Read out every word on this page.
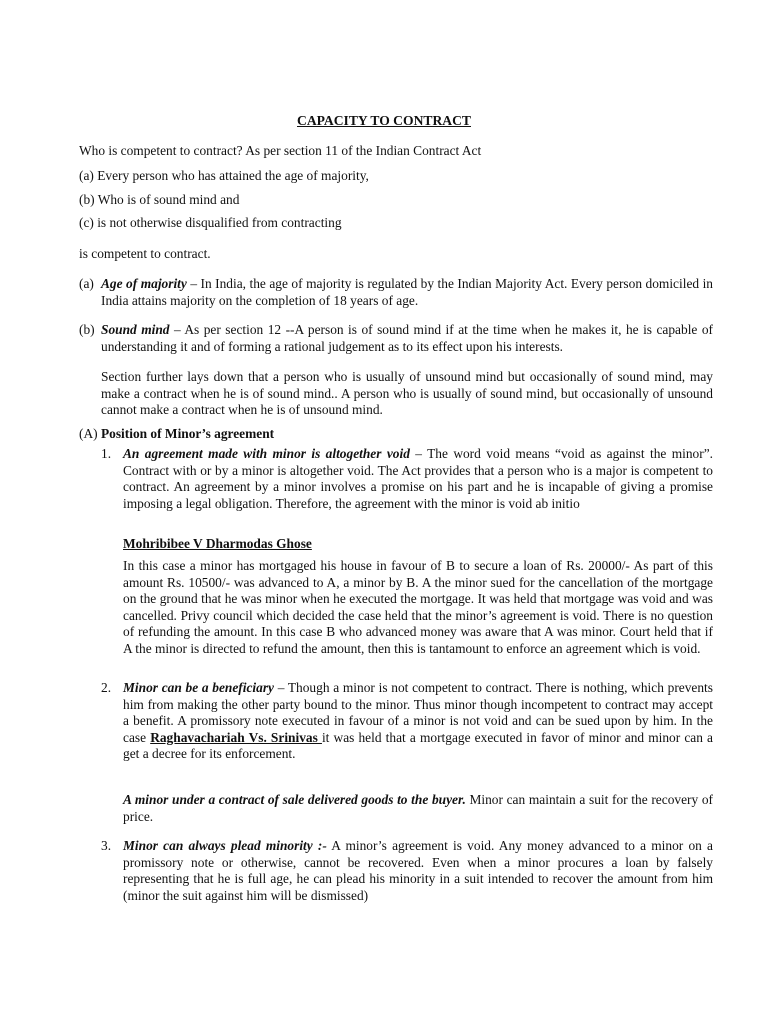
CAPACITY TO CONTRACT
Who is competent to contract? As per section 11 of the Indian Contract Act
(a) Every person who has attained the age of majority,
(b) Who is of sound mind and
(c) is not otherwise disqualified from contracting
is competent to contract.
(a) Age of majority – In India, the age of majority is regulated by the Indian Majority Act. Every person domiciled in India attains majority on the completion of 18 years of age.
(b) Sound mind – As per section 12 --A person is of sound mind if at the time when he makes it, he is capable of understanding it and of forming a rational judgement as to its effect upon his interests.
Section further lays down that a person who is usually of unsound mind but occasionally of sound mind, may make a contract when he is of sound mind.. A person who is usually of sound mind, but occasionally of unsound cannot make a contract when he is of unsound mind.
(A) Position of Minor’s agreement
1. An agreement made with minor is altogether void – The word void means “void as against the minor”. Contract with or by a minor is altogether void. The Act provides that a person who is a major is competent to contract. An agreement by a minor involves a promise on his part and he is incapable of giving a promise imposing a legal obligation. Therefore, the agreement with the minor is void ab initio
Mohribibee V Dharmodas Ghose
In this case a minor has mortgaged his house in favour of B to secure a loan of Rs. 20000/- As part of this amount Rs. 10500/- was advanced to A, a minor by B. A the minor sued for the cancellation of the mortgage on the ground that he was minor when he executed the mortgage. It was held that mortgage was void and was cancelled. Privy council which decided the case held that the minor’s agreement is void. There is no question of refunding the amount. In this case B who advanced money was aware that A was minor. Court held that if A the minor is directed to refund the amount, then this is tantamount to enforce an agreement which is void.
2. Minor can be a beneficiary – Though a minor is not competent to contract. There is nothing, which prevents him from making the other party bound to the minor. Thus minor though incompetent to contract may accept a benefit. A promissory note executed in favour of a minor is not void and can be sued upon by him. In the case Raghavachariah Vs. Srinivas it was held that a mortgage executed in favor of minor and minor can a get a decree for its enforcement.
A minor under a contract of sale delivered goods to the buyer. Minor can maintain a suit for the recovery of price.
3. Minor can always plead minority :- A minor’s agreement is void. Any money advanced to a minor on a promissory note or otherwise, cannot be recovered. Even when a minor procures a loan by falsely representing that he is full age, he can plead his minority in a suit intended to recover the amount from him (minor the suit against him will be dismissed)
